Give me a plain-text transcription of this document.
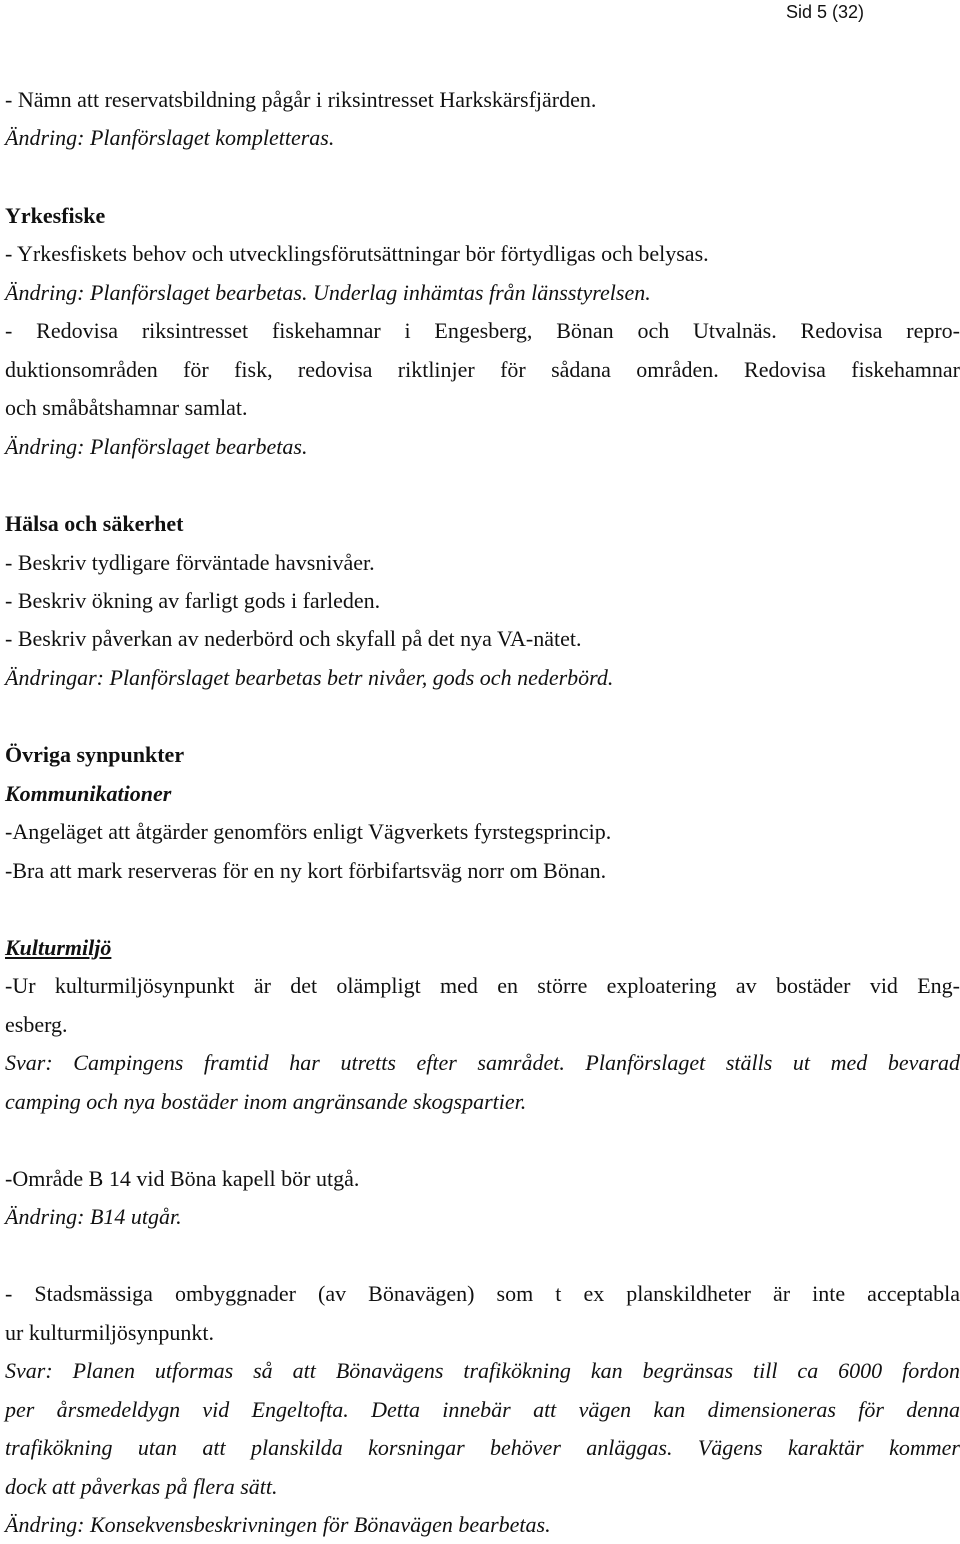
Sid 5 (32)
- Nämn att reservatsbildning pågår i riksintresset Harkskärsfjärden.
Ändring: Planförslaget kompletteras.
Yrkesfiske
- Yrkesfiskets behov och utvecklingsförutsättningar bör förtydligas och belysas.
Ändring: Planförslaget bearbetas. Underlag inhämtas från länsstyrelsen.
- Redovisa riksintresset fiskehamnar i Engesberg, Bönan och Utvalnäs. Redovisa repro-
duktionsområden för fisk, redovisa riktlinjer för sådana områden. Redovisa fiskehamnar
och småbåtshamnar samlat.
Ändring: Planförslaget bearbetas.
Hälsa och säkerhet
- Beskriv tydligare förväntade havsnivåer.
- Beskriv ökning av farligt gods i farleden.
- Beskriv påverkan av nederbörd och skyfall på det nya VA-nätet.
Ändringar: Planförslaget bearbetas betr nivåer, gods och nederbörd.
Övriga synpunkter
Kommunikationer
-Angeläget att åtgärder genomförs enligt Vägverkets fyrstegsprincip.
-Bra att mark reserveras för en ny kort förbifartsväg norr om Bönan.
Kulturmiljö
-Ur kulturmiljösynpunkt är det olämpligt med en större exploatering av bostäder vid Eng-
esberg.
Svar: Campingens framtid har utretts efter samrådet. Planförslaget ställs ut med bevarad
camping och nya bostäder inom angränsande skogspartier.
-Område B 14 vid Böna kapell bör utgå.
Ändring: B14 utgår.
- Stadsmässiga ombyggnader (av Bönavägen) som t ex planskildheter är inte acceptabla
ur kulturmiljösynpunkt.
Svar: Planen utformas så att Bönavägens trafikökning kan begränsas till ca 6000 fordon
per årsmedeldygn vid Engeltofta. Detta innebär att vägen kan dimensioneras för denna
trafikökning utan att planskilda korsningar behöver anläggas. Vägens karaktär kommer
dock att påverkas på flera sätt.
Ändring: Konsekvensbeskrivningen för Bönavägen bearbetas.
